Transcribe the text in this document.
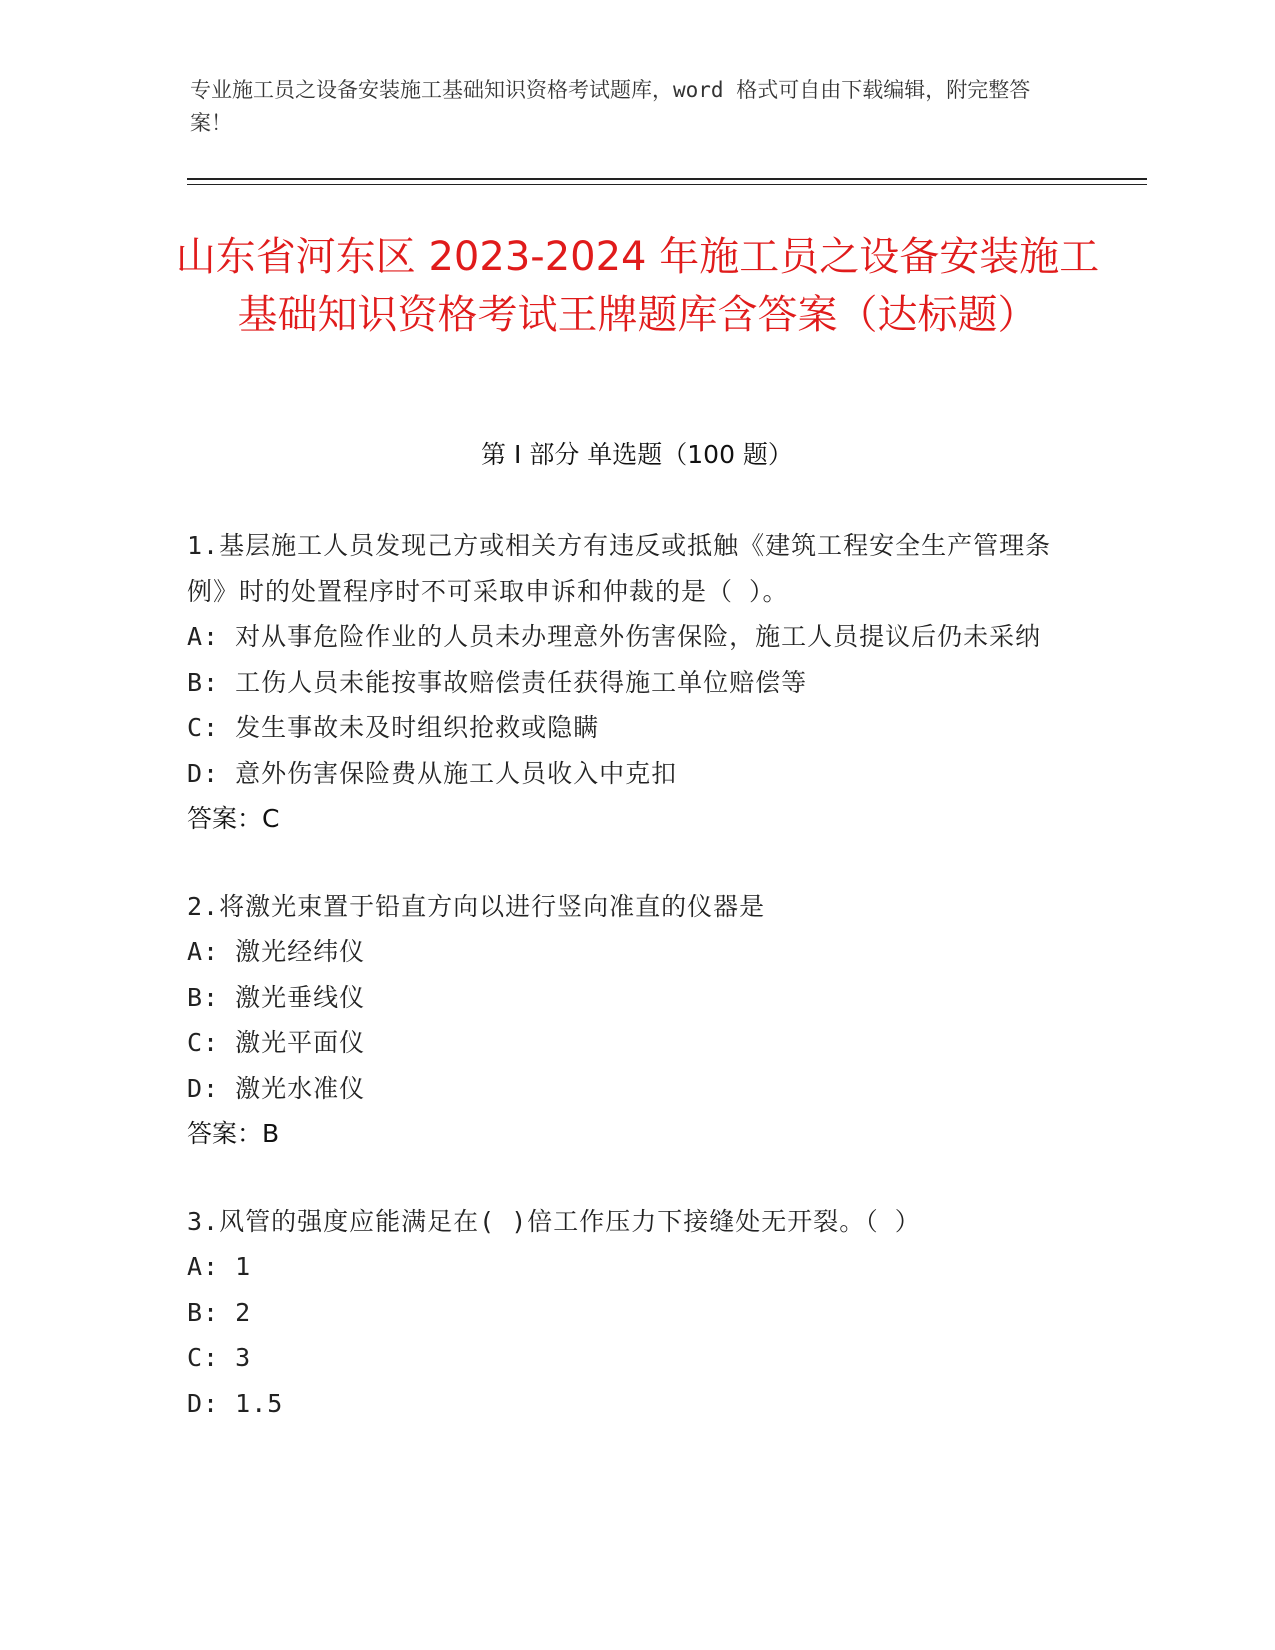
专业施工员之设备安装施工基础知识资格考试题库，word 格式可自由下载编辑，附完整答案！
山东省河东区 2023-2024 年施工员之设备安装施工基础知识资格考试王牌题库含答案（达标题）
第 I 部分 单选题（100 题）
1.基层施工人员发现己方或相关方有违反或抵触《建筑工程安全生产管理条例》时的处置程序时不可采取申诉和仲裁的是（ ）。
A: 对从事危险作业的人员未办理意外伤害保险，施工人员提议后仍未采纳
B: 工伤人员未能按事故赔偿责任获得施工单位赔偿等
C: 发生事故未及时组织抢救或隐瞒
D: 意外伤害保险费从施工人员收入中克扣
答案：C
2.将激光束置于铅直方向以进行竖向准直的仪器是
A: 激光经纬仪
B: 激光垂线仪
C: 激光平面仪
D: 激光水准仪
答案：B
3.风管的强度应能满足在( )倍工作压力下接缝处无开裂。（ ）
A: 1
B: 2
C: 3
D: 1.5
